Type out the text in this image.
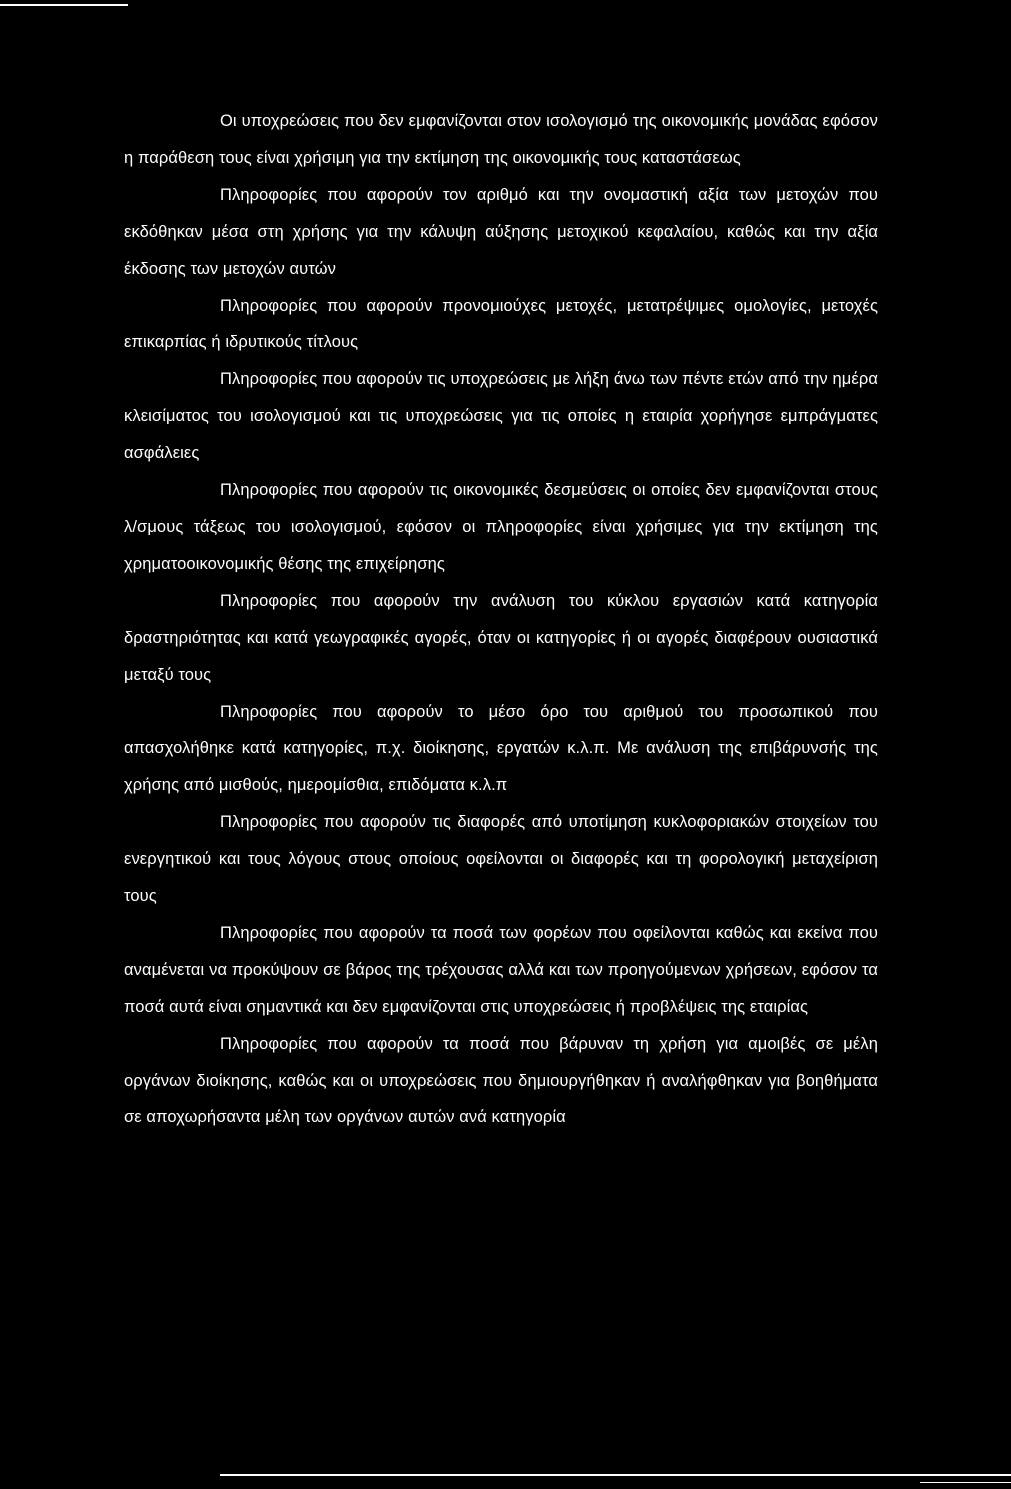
Οι υποχρεώσεις που δεν εμφανίζονται στον ισολογισμό της οικονομικής μονάδας εφόσον η παράθεση τους είναι χρήσιμη για την εκτίμηση της οικονομικής τους καταστάσεως

Πληροφορίες που αφορούν τον αριθμό και την ονομαστική αξία των μετοχών που εκδόθηκαν μέσα στη χρήσης για την κάλυψη αύξησης μετοχικού κεφαλαίου, καθώς και την αξία έκδοσης των μετοχών αυτών

Πληροφορίες που αφορούν προνομιούχες μετοχές, μετατρέψιμες ομολογίες, μετοχές επικαρπίας ή ιδρυτικούς τίτλους

Πληροφορίες που αφορούν τις υποχρεώσεις με λήξη άνω των πέντε ετών από την ημέρα κλεισίματος του ισολογισμού και τις υποχρεώσεις για τις οποίες η εταιρία χορήγησε εμπράγματες ασφάλειες

Πληροφορίες που αφορούν τις οικονομικές δεσμεύσεις οι οποίες δεν εμφανίζονται στους λ/σμους τάξεως του ισολογισμού, εφόσον οι πληροφορίες είναι χρήσιμες για την εκτίμηση της χρηματοοικονομικής θέσης της επιχείρησης

Πληροφορίες που αφορούν την ανάλυση του κύκλου εργασιών κατά κατηγορία δραστηριότητας και κατά γεωγραφικές αγορές, όταν οι κατηγορίες ή οι αγορές διαφέρουν ουσιαστικά μεταξύ τους

Πληροφορίες που αφορούν το μέσο όρο του αριθμού του προσωπικού που απασχολήθηκε κατά κατηγορίες, π.χ. διοίκησης, εργατών κ.λ.π. Με ανάλυση της επιβάρυνσής της χρήσης από μισθούς, ημερομίσθια, επιδόματα κ.λ.π

Πληροφορίες που αφορούν τις διαφορές από υποτίμηση κυκλοφοριακών στοιχείων του ενεργητικού και τους λόγους στους οποίους οφείλονται οι διαφορές και τη φορολογική μεταχείριση τους

Πληροφορίες που αφορούν τα ποσά των φορέων που οφείλονται καθώς και εκείνα που αναμένεται να προκύψουν σε βάρος της τρέχουσας αλλά και των προηγούμενων χρήσεων, εφόσον τα ποσά αυτά είναι σημαντικά και δεν εμφανίζονται στις υποχρεώσεις ή προβλέψεις της εταιρίας

Πληροφορίες που αφορούν τα ποσά που βάρυναν τη χρήση για αμοιβές σε μέλη οργάνων διοίκησης, καθώς και οι υποχρεώσεις που δημιουργήθηκαν ή αναλήφθηκαν για βοηθήματα σε αποχωρήσαντα μέλη των οργάνων αυτών ανά κατηγορία
